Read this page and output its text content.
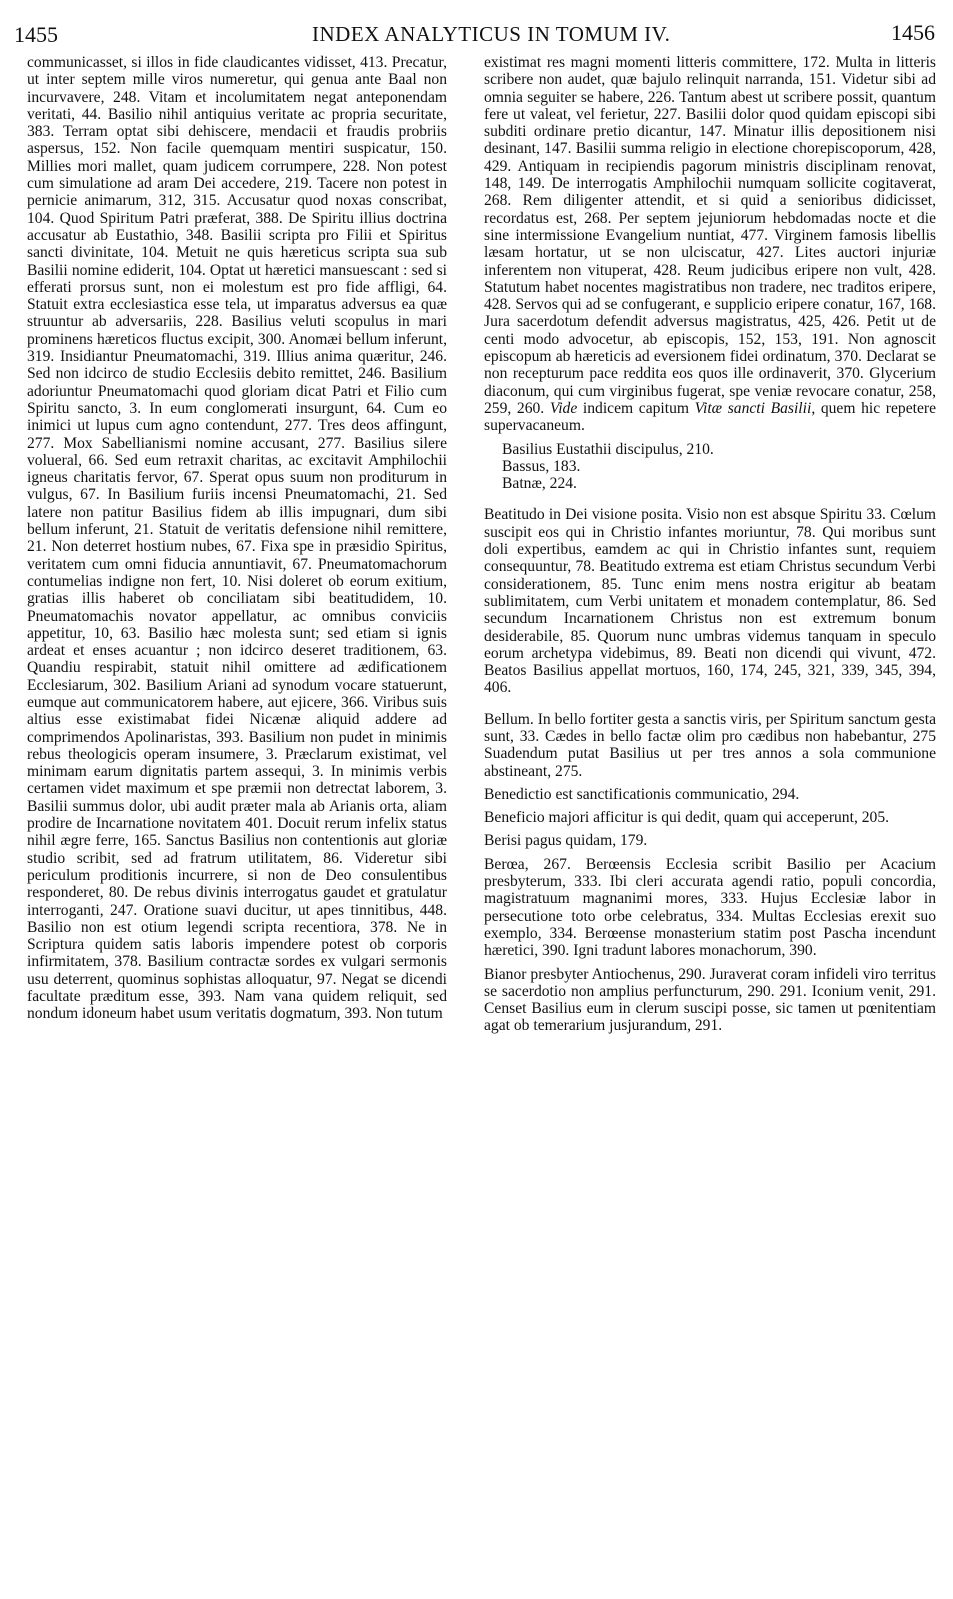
1455	INDEX ANALYTICUS IN TOMUM IV.	1456

communicasset, si illos in fide claudicantes vidisset, 413. Precatur, ut inter septem mille viros numeretur, qui genua ante Baal non incurvavere, 248. Vitam et incolumitatem negat anteponendam veritati, 44. Basilio nihil antiquius veritate ac propria securitate, 383. Terram optat sibi dehiscere, mendacii et fraudis probriis aspersus, 152. Non facile quemquam mentiri suspicatur, 150. Millies mori mallet, quam judicem corrumpere, 228. Non potest cum simulatione ad aram Dei accedere, 219. Tacere non potest in pernicie animarum, 312, 315. Accusatur quod noxas conscribat, 104. Quod Spiritum Patri præferat, 388. De Spiritu illius doctrina accusatur ab Eustathio, 348. Basilii scripta pro Filii et Spiritus sancti divinitate, 104. Metuit ne quis hæreticus scripta sua sub Basilii nomine ediderit, 104. Optat ut hæretici mansuescant : sed si efferati prorsus sunt, non ei molestum est pro fide affligi, 64. Statuit extra ecclesiastica esse tela, ut imparatus adversus ea quæ struuntur ab adversariis, 228. Basilius veluti scopulus in mari prominens hæreticos fluctus excipit, 300. Anomæi bellum inferunt, 319. Insidiantur Pneumatomachi, 319. Illius anima quæritur, 246. Sed non idcirco de studio Ecclesiis debito remittet, 246. Basilium adoriuntur Pneumatomachi quod gloriam dicat Patri et Filio cum Spiritu sancto, 3. In eum conglomerati insurgunt, 64. Cum eo inimici ut lupus cum agno contendunt, 277. Tres deos affingunt, 277. Mox Sabellianismi nomine accusant, 277. Basilius silere volueral, 66. Sed eum retraxit charitas, ac excitavit Amphilochii igneus charitatis fervor, 67. Sperat opus suum non proditurum in vulgus, 67. In Basilium furiis incensi Pneumatomachi, 21. Sed latere non patitur Basilius fidem ab illis impugnari, dum sibi bellum inferunt, 21. Statuit de veritatis defensione nihil remittere, 21. Non deterret hostium nubes, 67. Fixa spe in præsidio Spiritus, veritatem cum omni fiducia annuntiavit, 67. Pneumatomachorum contumelias indigne non fert, 10. Nisi doleret ob eorum exitium, gratias illis haberet ob conciliatam sibi beatitudidem, 10. Pneumatomachis novator appellatur, ac omnibus conviciis appetitur, 10, 63. Basilio hæc molesta sunt; sed etiam si ignis ardeat et enses acuantur ; non idcirco deseret traditionem, 63. Quandiu respirabit, statuit nihil omittere ad ædificationem Ecclesiarum, 302. Basilium Ariani ad synodum vocare statuerunt, eumque aut communicatorem habere, aut ejicere, 366. Viribus suis altius esse existimabat fidei Nicænæ aliquid addere ad comprimendos Apolinaristas, 393. Basilium non pudet in minimis rebus theologicis operam insumere, 3. Præclarum existimat, vel minimam earum dignitatis partem assequi, 3. In minimis verbis certamen videt maximum et spe præmii non detrectat laborem, 3. Basilii summus dolor, ubi audit præter mala ab Arianis orta, aliam prodire de Incarnatione novitatem 401. Docuit rerum infelix status nihil ægre ferre, 165. Sanctus Basilius non contentionis aut gloriæ studio scribit, sed ad fratrum utilitatem, 86. Videretur sibi periculum proditionis incurrere, si non de Deo consulentibus responderet, 80. De rebus divinis interrogatus gaudet et gratulatur interroganti, 247. Oratione suavi ducitur, ut apes tinnitibus, 448. Basilio non est otium legendi scripta recentiora, 378. Ne in Scriptura quidem satis laboris impendere potest ob corporis infirmitatem, 378. Basilium contractæ sordes ex vulgari sermonis usu deterrent, quominus sophistas alloquatur, 97. Negat se dicendi facultate præditum esse, 393. Nam vana quidem reliquit, sed nondum idoneum habet usum veritatis dogmatum, 393. Non tutum

existimat res magni momenti litteris committere, 172. Multa in litteris scribere non audet, quæ bajulo relinquit narranda, 151. Videtur sibi ad omnia seguiter se habere, 226. Tantum abest ut scribere possit, quantum fere ut valeat, vel ferietur, 227. Basilii dolor quod quidam episcopi sibi subditi ordinare pretio dicantur, 147. Minatur illis depositionem nisi desinant, 147. Basilii summa religio in electione chorepiscoporum, 428, 429. Antiquam in recipiendis pagorum ministris disciplinam renovat, 148, 149. De interrogatis Amphilochii numquam sollicite cogitaverat, 268. Rem diligenter attendit, et si quid a senioribus didicisset, recordatus est, 268. Per septem jejuniorum hebdomadas nocte et die sine intermissione Evangelium nuntiat, 477. Virginem famosis libellis læsam hortatur, ut se non ulciscatur, 427. Lites auctori injuriæ inferentem non vituperat, 428. Reum judicibus eripere non vult, 428. Statutum habet nocentes magistratibus non tradere, nec traditos eripere, 428. Servos qui ad se confugerant, e supplicio eripere conatur, 167, 168. Jura sacerdotum defendit adversus magistratus, 425, 426. Petit ut de centi modo advocetur, ab episcopis, 152, 153, 191. Non agnoscit episcopum ab hæreticis ad eversionem fidei ordinatum, 370. Declarat se non recepturum pace reddita eos quos ille ordinaverit, 370. Glycerium diaconum, qui cum virginibus fugerat, spe veniæ revocare conatur, 258, 259, 260. Vide indicem capitum Vitæ sancti Basilii, quem hic repetere supervacaneum.

Basilius Eustathii discipulus, 210.

Bassus, 183.

Batnæ, 224.

Beatitudo in Dei visione posita. Visio non est absque Spiritu 33. Cœlum suscipit eos qui in Christio infantes moriuntur, 78. Qui moribus sunt doli expertibus, eamdem ac qui in Christio infantes sunt, requiem consequuntur, 78. Beatitudo extrema est etiam Christus secundum Verbi considerationem, 85. Tunc enim mens nostra erigitur ab beatam sublimitatem, cum Verbi unitatem et monadem contemplatur, 86. Sed secundum Incarnationem Christus non est extremum bonum desiderabile, 85. Quorum nunc umbras videmus tanquam in speculo eorum archetypa videbimus, 89. Beati non dicendi qui vivunt, 472. Beatos Basilius appellat mortuos, 160, 174, 245, 321, 339, 345, 394, 406.

Bellum. In bello fortiter gesta a sanctis viris, per Spiritum sanctum gesta sunt, 33. Cædes in bello factæ olim pro cædibus non habebantur, 275 Suadendum putat Basilius ut per tres annos a sola communione abstineant, 275.

Benedictio est sanctificationis communicatio, 294.

Beneficio majori afficitur is qui dedit, quam qui acceperunt, 205.

Berisi pagus quidam, 179.

Berœa, 267. Berœensis Ecclesia scribit Basilio per Acacium presbyterum, 333. Ibi cleri accurata agendi ratio, populi concordia, magistratuum magnanimi mores, 333. Hujus Ecclesiæ labor in persecutione toto orbe celebratus, 334. Multas Ecclesias erexit suo exemplo, 334. Berœense monasterium statim post Pascha incendunt hæretici, 390. Igni tradunt labores monachorum, 390.

Bianor presbyter Antiochenus, 290. Juraverat coram infideli viro territus se sacerdotio non amplius perfuncturum, 290. 291. Iconium venit, 291. Censet Basilius eum in clerum suscipi posse, sic tamen ut pœnitentiam agat ob temerarium jusjurandum, 291.
